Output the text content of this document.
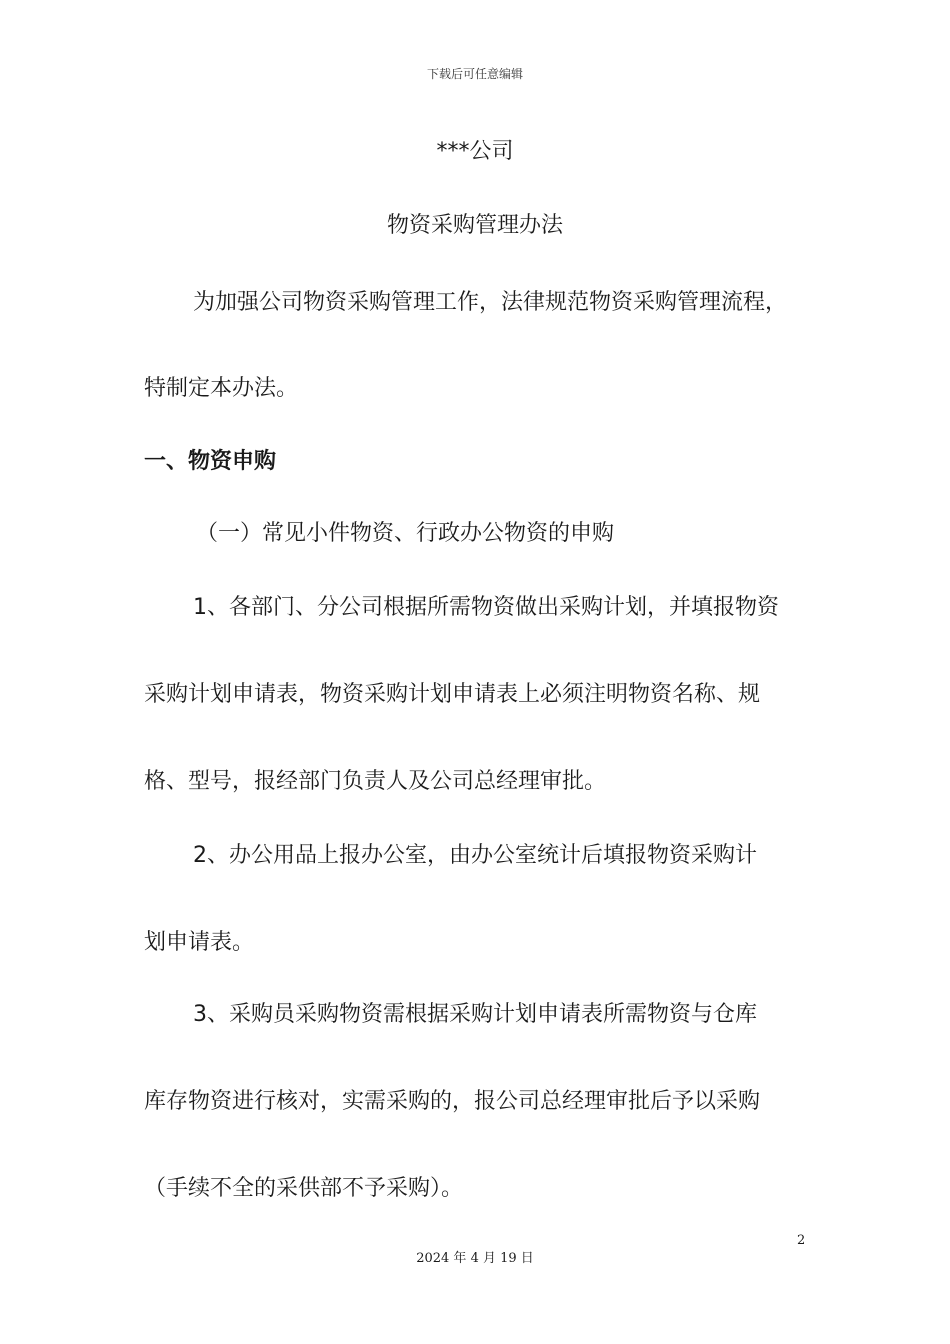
下载后可任意编辑
***公司
物资采购管理办法
为加强公司物资采购管理工作，法律规范物资采购管理流程，
特制定本办法。
一、物资申购
（一）常见小件物资、行政办公物资的申购
1、各部门、分公司根据所需物资做出采购计划，并填报物资
采购计划申请表，物资采购计划申请表上必须注明物资名称、规
格、型号，报经部门负责人及公司总经理审批。
2、办公用品上报办公室，由办公室统计后填报物资采购计
划申请表。
3、采购员采购物资需根据采购计划申请表所需物资与仓库
库存物资进行核对，实需采购的，报公司总经理审批后予以采购
（手续不全的采供部不予采购）。
2
2024 年 4 月 19 日
